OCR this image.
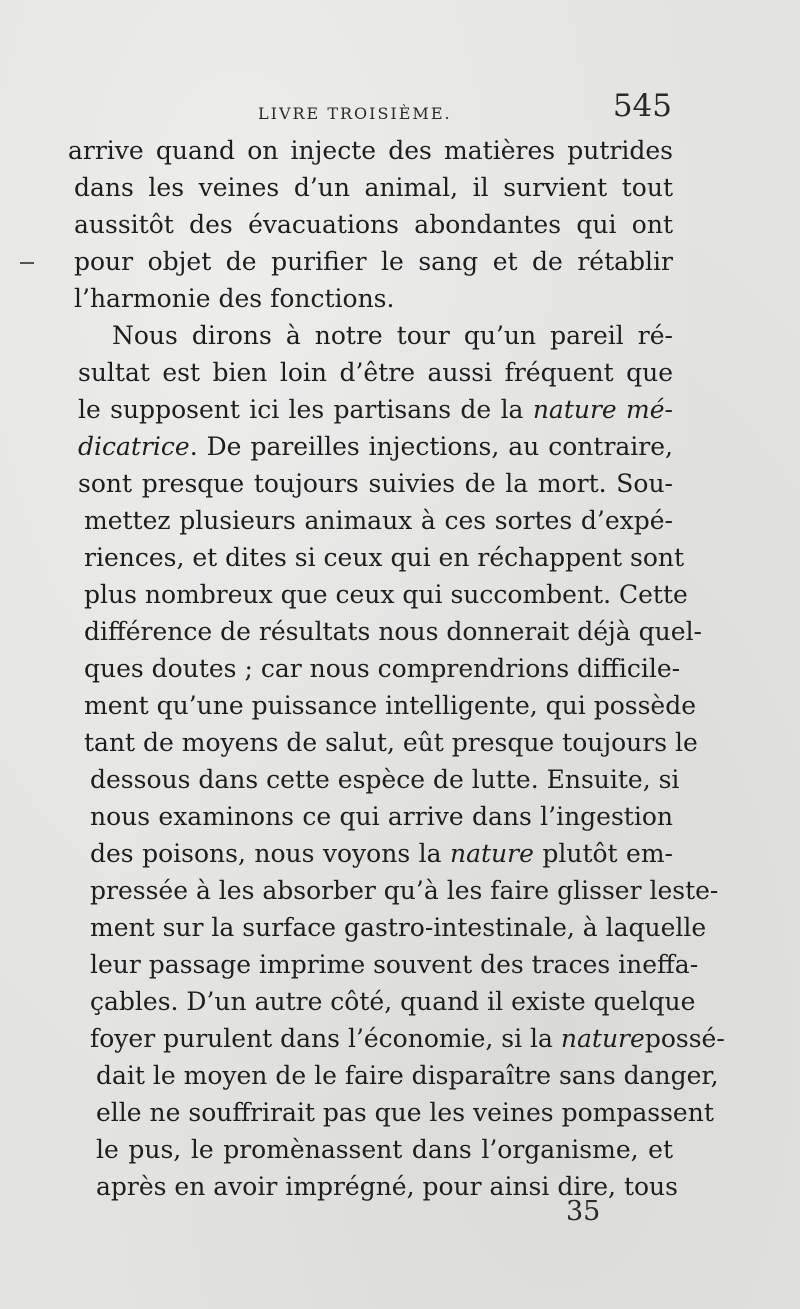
LIVRE TROISIÈME.	545
arrive quand on injecte des matières putrides
dans les veines d’un animal, il survient tout
aussitôt des évacuations abondantes qui ont
pour objet de purifier le sang et de rétablir
l’harmonie des fonctions.
Nous dirons à notre tour qu’un pareil ré-
sultat est bien loin d’être aussi fréquent que
le supposent ici les partisans de la nature mé-
dicatrice. De pareilles injections, au contraire,
sont presque toujours suivies de la mort. Sou-
mettez plusieurs animaux à ces sortes d’expé-
riences, et dites si ceux qui en réchappent sont
plus nombreux que ceux qui succombent. Cette
différence de résultats nous donnerait déjà quel-
ques doutes ; car nous comprendrions difficile-
ment qu’une puissance intelligente, qui possède
tant de moyens de salut, eût presque toujours le
dessous dans cette espèce de lutte. Ensuite, si
nous examinons ce qui arrive dans l’ingestion
des poisons, nous voyons la nature plutôt em-
pressée à les absorber qu’à les faire glisser leste-
ment sur la surface gastro-intestinale, à laquelle
leur passage imprime souvent des traces ineffa-
çables. D’un autre côté, quand il existe quelque
foyer purulent dans l’économie, si la naturepossé-
dait le moyen de le faire disparaître sans danger,
elle ne souffrirait pas que les veines pompassent
le pus, le promènassent dans l’organisme, et
après en avoir imprégné, pour ainsi dire, tous
35
